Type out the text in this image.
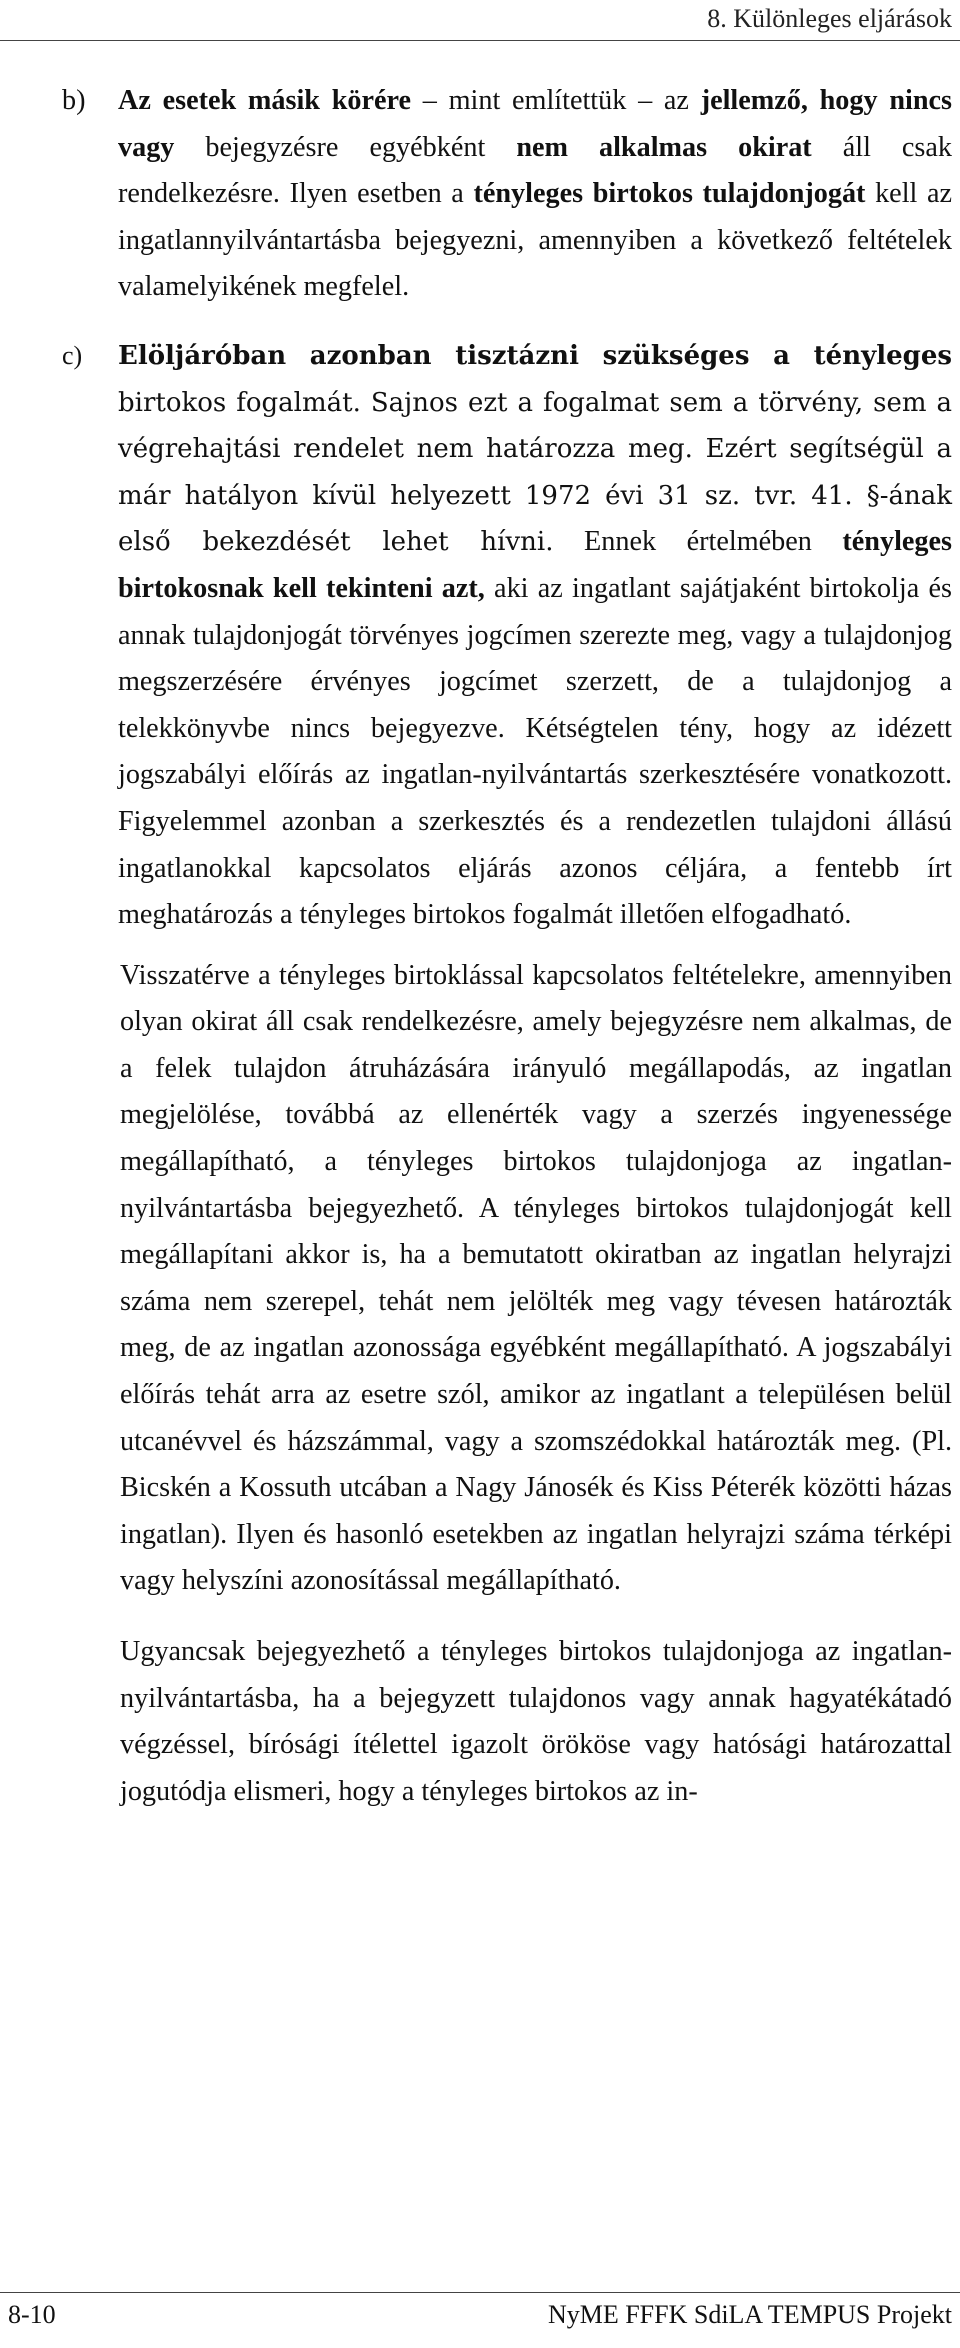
8. Különleges eljárások
b) Az esetek másik körére – mint említettük – az jellemző, hogy nincs vagy bejegyzésre egyébként nem alkalmas okirat áll csak rendelkezésre. Ilyen esetben a tényleges birtokos tulajdonjogát kell az ingatlannyilvántartásba bejegyezni, amennyiben a következő feltételek valamelyikének megfelel.
c) Elöljáróban azonban tisztázni szükséges a tényleges birtokos fogalmát. Sajnos ezt a fogalmat sem a törvény, sem a végrehajtási rendelet nem határozza meg. Ezért segítségül a már hatályon kívül helyezett 1972 évi 31 sz. tvr. 41. §-ának első bekezdését lehet hívni. Ennek értelmében tényleges birtokosnak kell tekinteni azt, aki az ingatlant sajátjaként birtokolja és annak tulajdonjogát törvényes jogcímen szerezte meg, vagy a tulajdonjog megszerzésére érvényes jogcímet szerzett, de a tulajdonjog a telekkönyvbe nincs bejegyezve. Kétségtelen tény, hogy az idézett jogszabályi előírás az ingatlan-nyilvántartás szerkesztésére vonatkozott. Figyelemmel azonban a szerkesztés és a rendezetlen tulajdoni állású ingatlanokkal kapcsolatos eljárás azonos céljára, a fentebb írt meghatározás a tényleges birtokos fogalmát illetően elfogadható.

Visszatérve a tényleges birtoklással kapcsolatos feltételekre, amennyiben olyan okirat áll csak rendelkezésre, amely bejegyzésre nem alkalmas, de a felek tulajdon átruházására irányuló megállapodás, az ingatlan megjelölése, továbbá az ellenérték vagy a szerzés ingyenessége megállapítható, a tényleges birtokos tulajdonjoga az ingatlan-nyilvántartásba bejegyezhető. A tényleges birtokos tulajdonjogát kell megállapítani akkor is, ha a bemutatott okiratban az ingatlan helyrajzi száma nem szerepel, tehát nem jelölték meg vagy tévesen határozták meg, de az ingatlan azonossága egyébként megállapítható. A jogszabályi előírás tehát arra az esetre szól, amikor az ingatlant a településen belül utcanévvel és házszámmal, vagy a szomszédokkal határozták meg. (Pl. Bicskén a Kossuth utcában a Nagy Jánosék és Kiss Péterék közötti házas ingatlan). Ilyen és hasonló esetekben az ingatlan helyrajzi száma térképi vagy helyszíni azonosítással megállapítható.

Ugyancsak bejegyezhető a tényleges birtokos tulajdonjoga az ingatlan-nyilvántartásba, ha a bejegyzett tulajdonos vagy annak hagyatékátadó végzéssel, bírósági ítélettel igazolt örököse vagy hatósági határozattal jogutódja elismeri, hogy a tényleges birtokos az in-

8-10	NyME FFFK SdiLA TEMPUS Projekt
